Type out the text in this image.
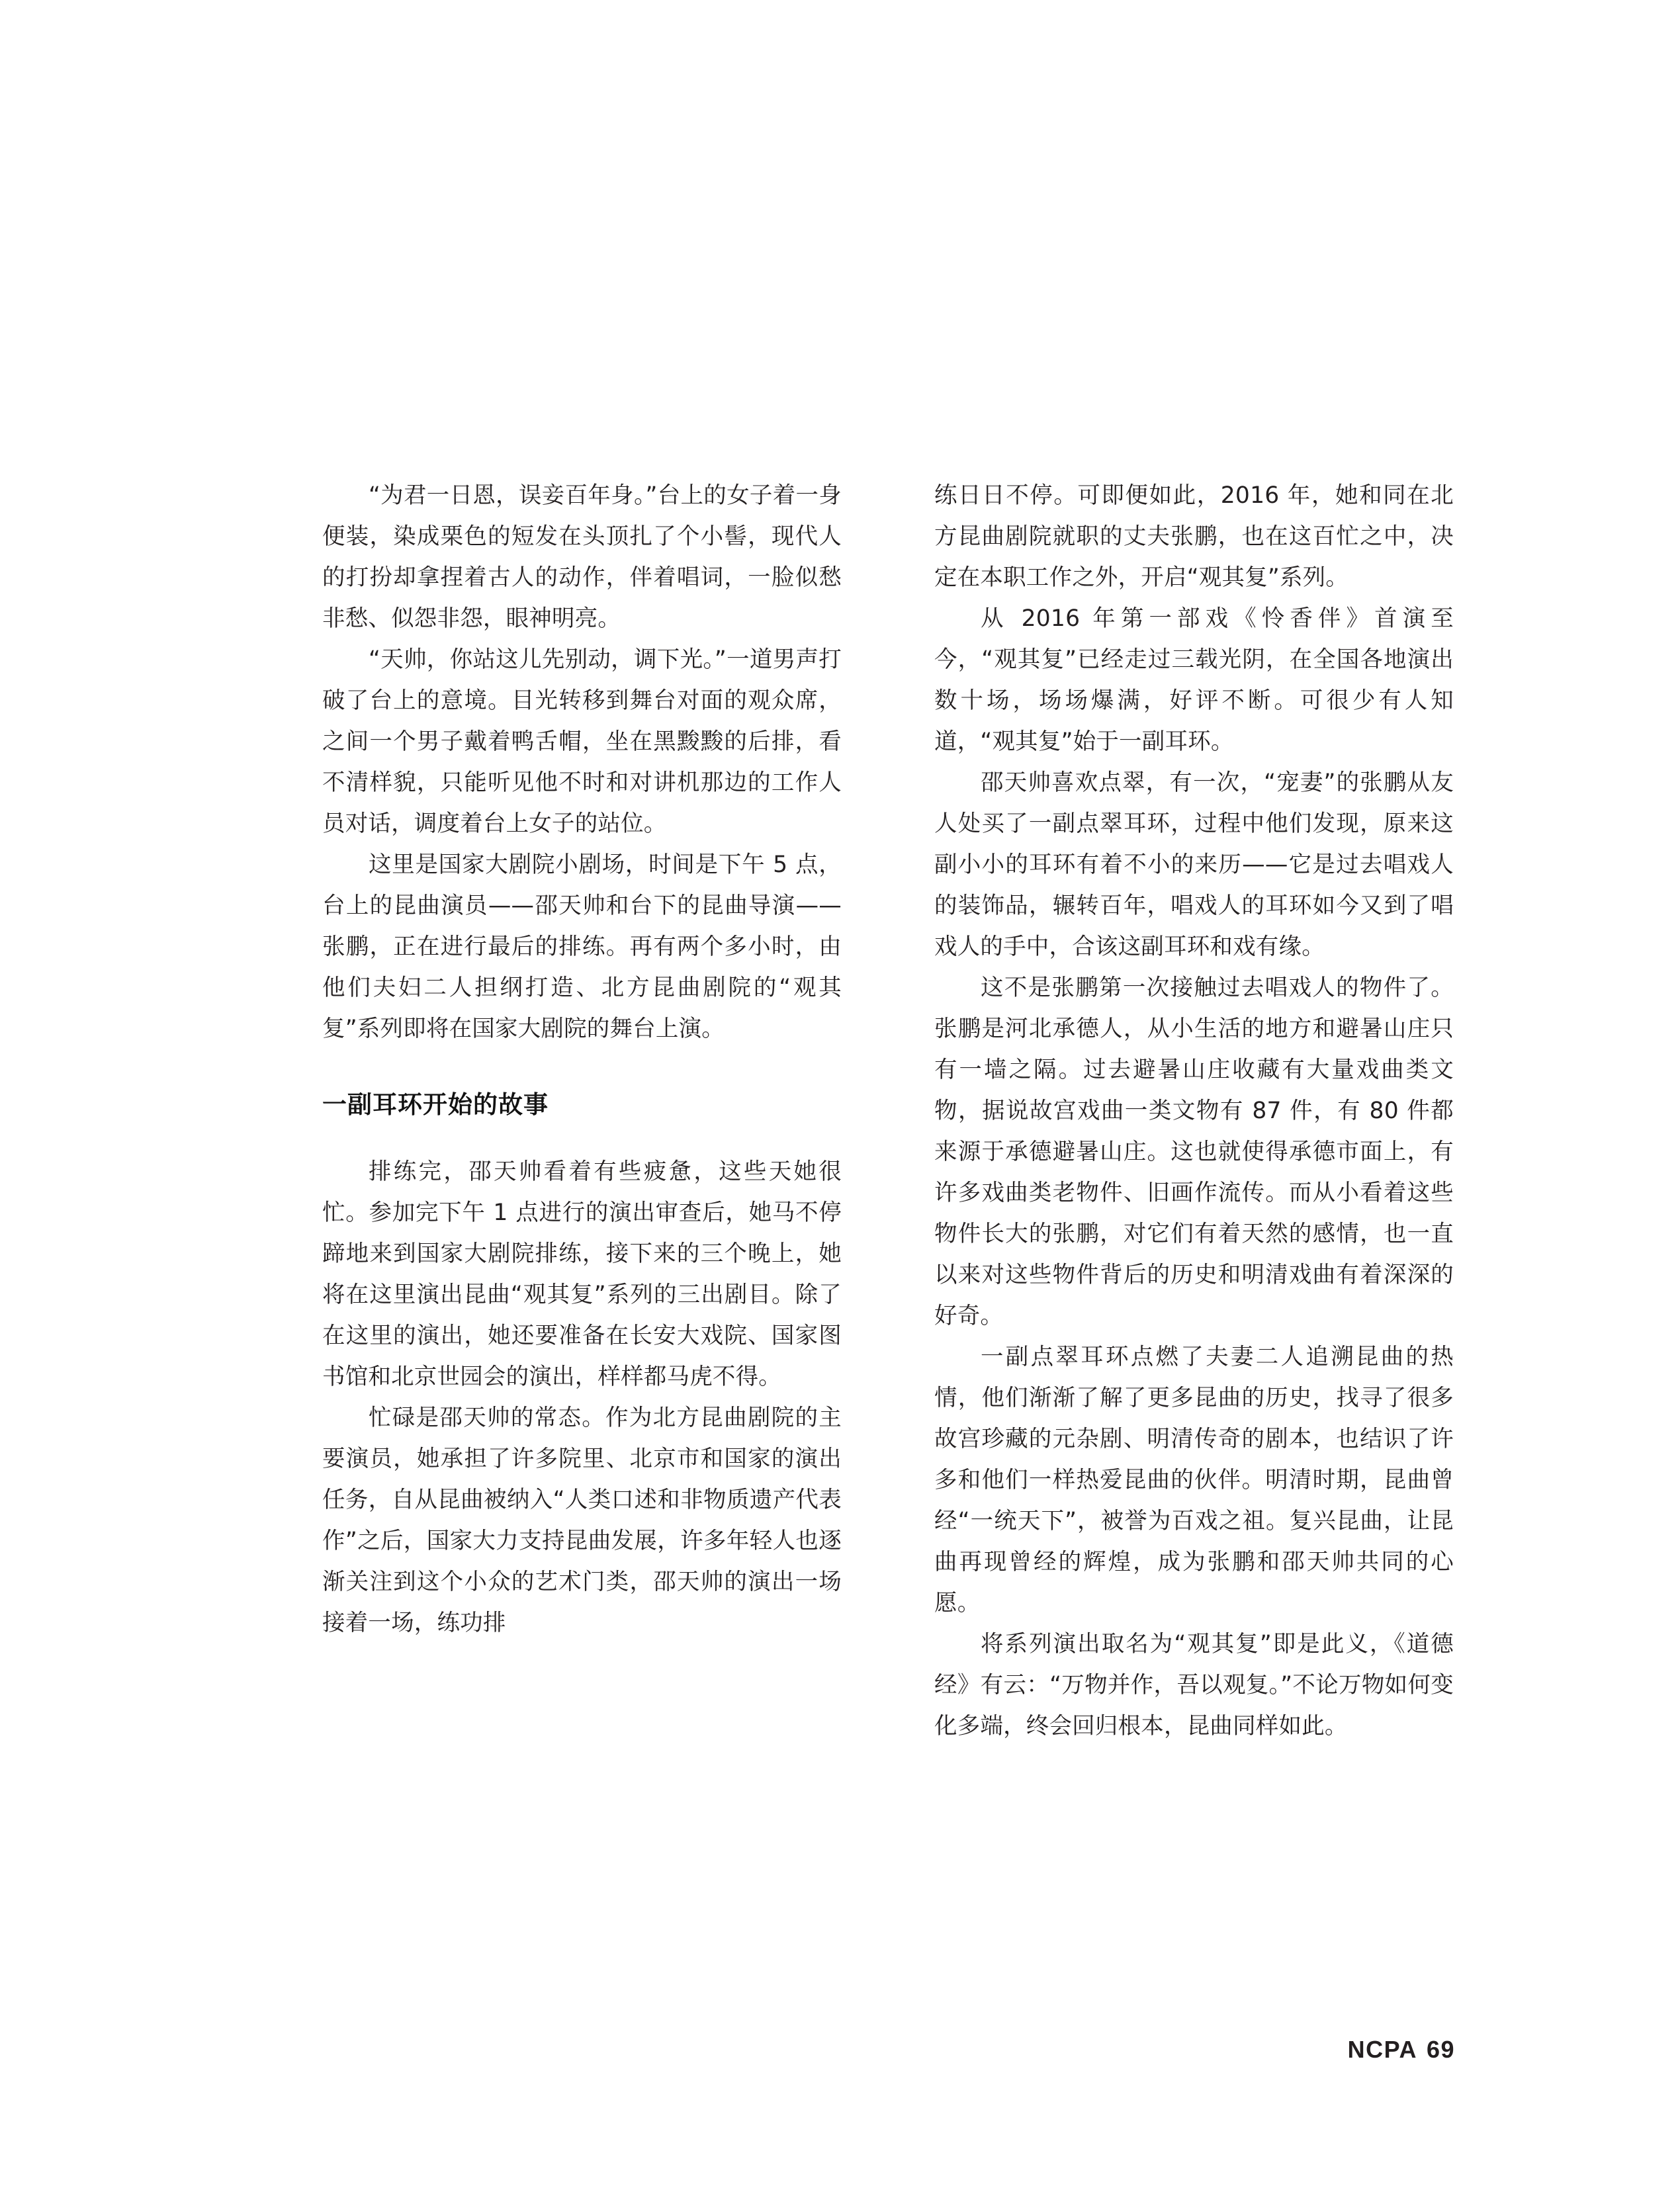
“为君一日恩，误妾百年身。”台上的女子着一身便装，染成栗色的短发在头顶扎了个小髻，现代人的打扮却拿捏着古人的动作，伴着唱词，一脸似愁非愁、似怨非怨，眼神明亮。

“天帅，你站这儿先别动，调下光。”一道男声打破了台上的意境。目光转移到舞台对面的观众席，之间一个男子戴着鸭舌帽，坐在黑黢黢的后排，看不清样貌，只能听见他不时和对讲机那边的工作人员对话，调度着台上女子的站位。

这里是国家大剧院小剧场，时间是下午 5 点，台上的昆曲演员——邵天帅和台下的昆曲导演——张鹏，正在进行最后的排练。再有两个多小时，由他们夫妇二人担纲打造、北方昆曲剧院的“观其复”系列即将在国家大剧院的舞台上演。

一副耳环开始的故事

排练完，邵天帅看着有些疲惫，这些天她很忙。参加完下午 1 点进行的演出审查后，她马不停蹄地来到国家大剧院排练，接下来的三个晚上，她将在这里演出昆曲“观其复”系列的三出剧目。除了在这里的演出，她还要准备在长安大戏院、国家图书馆和北京世园会的演出，样样都马虎不得。

忙碌是邵天帅的常态。作为北方昆曲剧院的主要演员，她承担了许多院里、北京市和国家的演出任务，自从昆曲被纳入“人类口述和非物质遗产代表作”之后，国家大力支持昆曲发展，许多年轻人也逐渐关注到这个小众的艺术门类，邵天帅的演出一场接着一场，练功排

练日日不停。可即便如此，2016 年，她和同在北方昆曲剧院就职的丈夫张鹏，也在这百忙之中，决定在本职工作之外，开启“观其复”系列。

从 2016 年第一部戏《怜香伴》首演至今，“观其复”已经走过三载光阴，在全国各地演出数十场，场场爆满，好评不断。可很少有人知道，“观其复”始于一副耳环。

邵天帅喜欢点翠，有一次，“宠妻”的张鹏从友人处买了一副点翠耳环，过程中他们发现，原来这副小小的耳环有着不小的来历——它是过去唱戏人的装饰品，辗转百年，唱戏人的耳环如今又到了唱戏人的手中，合该这副耳环和戏有缘。

这不是张鹏第一次接触过去唱戏人的物件了。张鹏是河北承德人，从小生活的地方和避暑山庄只有一墙之隔。过去避暑山庄收藏有大量戏曲类文物，据说故宫戏曲一类文物有 87 件，有 80 件都来源于承德避暑山庄。这也就使得承德市面上，有许多戏曲类老物件、旧画作流传。而从小看着这些物件长大的张鹏，对它们有着天然的感情，也一直以来对这些物件背后的历史和明清戏曲有着深深的好奇。

一副点翠耳环点燃了夫妻二人追溯昆曲的热情，他们渐渐了解了更多昆曲的历史，找寻了很多故宫珍藏的元杂剧、明清传奇的剧本，也结识了许多和他们一样热爱昆曲的伙伴。明清时期，昆曲曾经“一统天下”，被誉为百戏之祖。复兴昆曲，让昆曲再现曾经的辉煌，成为张鹏和邵天帅共同的心愿。

将系列演出取名为“观其复”即是此义，《道德经》有云：“万物并作，吾以观复。”不论万物如何变化多端，终会回归根本，昆曲同样如此。

NCPA 69
